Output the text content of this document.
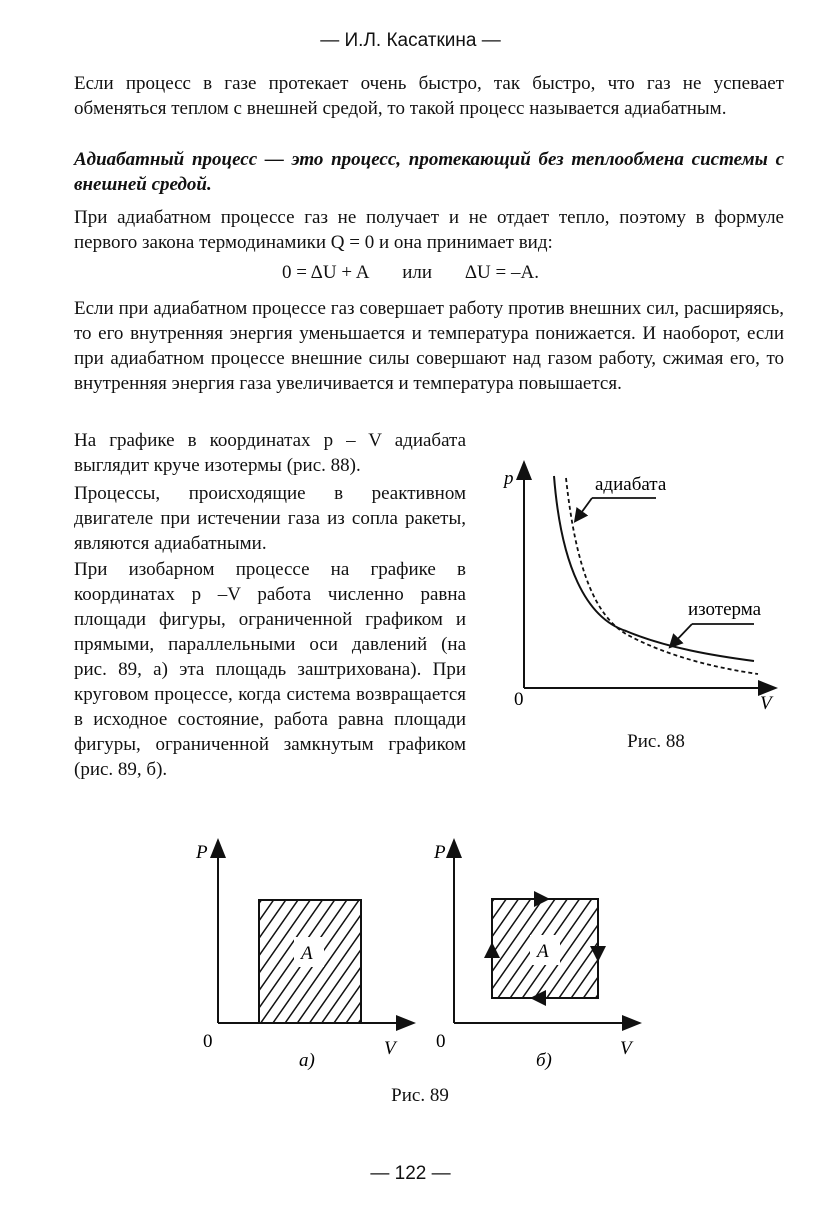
— И.Л. Касаткина —
Если процесс в газе протекает очень быстро, так быстро, что газ не успевает обменяться теплом с внешней средой, то такой процесс называется адиабатным.
Адиабатный процесс — это процесс, протекающий без теплообмена системы с внешней средой.
При адиабатном процессе газ не получает и не отдает тепло, поэтому в формуле первого закона термодинамики Q = 0 и она принимает вид:
0 = ΔU + A или ΔU = –A.
Если при адиабатном процессе газ совершает работу против внешних сил, расширяясь, то его внутренняя энергия уменьшается и температура понижается. И наоборот, если при адиабатном процессе внешние силы совершают над газом работу, сжимая его, то внутренняя энергия газа увеличивается и температура повышается.
На графике в координатах p – V адиабата выглядит круче изотермы (рис. 88).
Процессы, происходящие в реактивном двигателе при истечении газа из сопла ракеты, являются адиабатными.
При изобарном процессе на графике в координатах p –V работа численно равна площади фигуры, ограниченной графиком и прямыми, параллельными оси давлений (на рис. 89, а) эта площадь заштрихована). При круговом процессе, когда система возвращается в исходное состояние, работа равна площади фигуры, ограниченной замкнутым графиком (рис. 89, б).
p
V
0
адиабата
изотерма
Рис. 88
P
V
0
A
а)
P
V
0
A
б)
Рис. 89
— 122 —
